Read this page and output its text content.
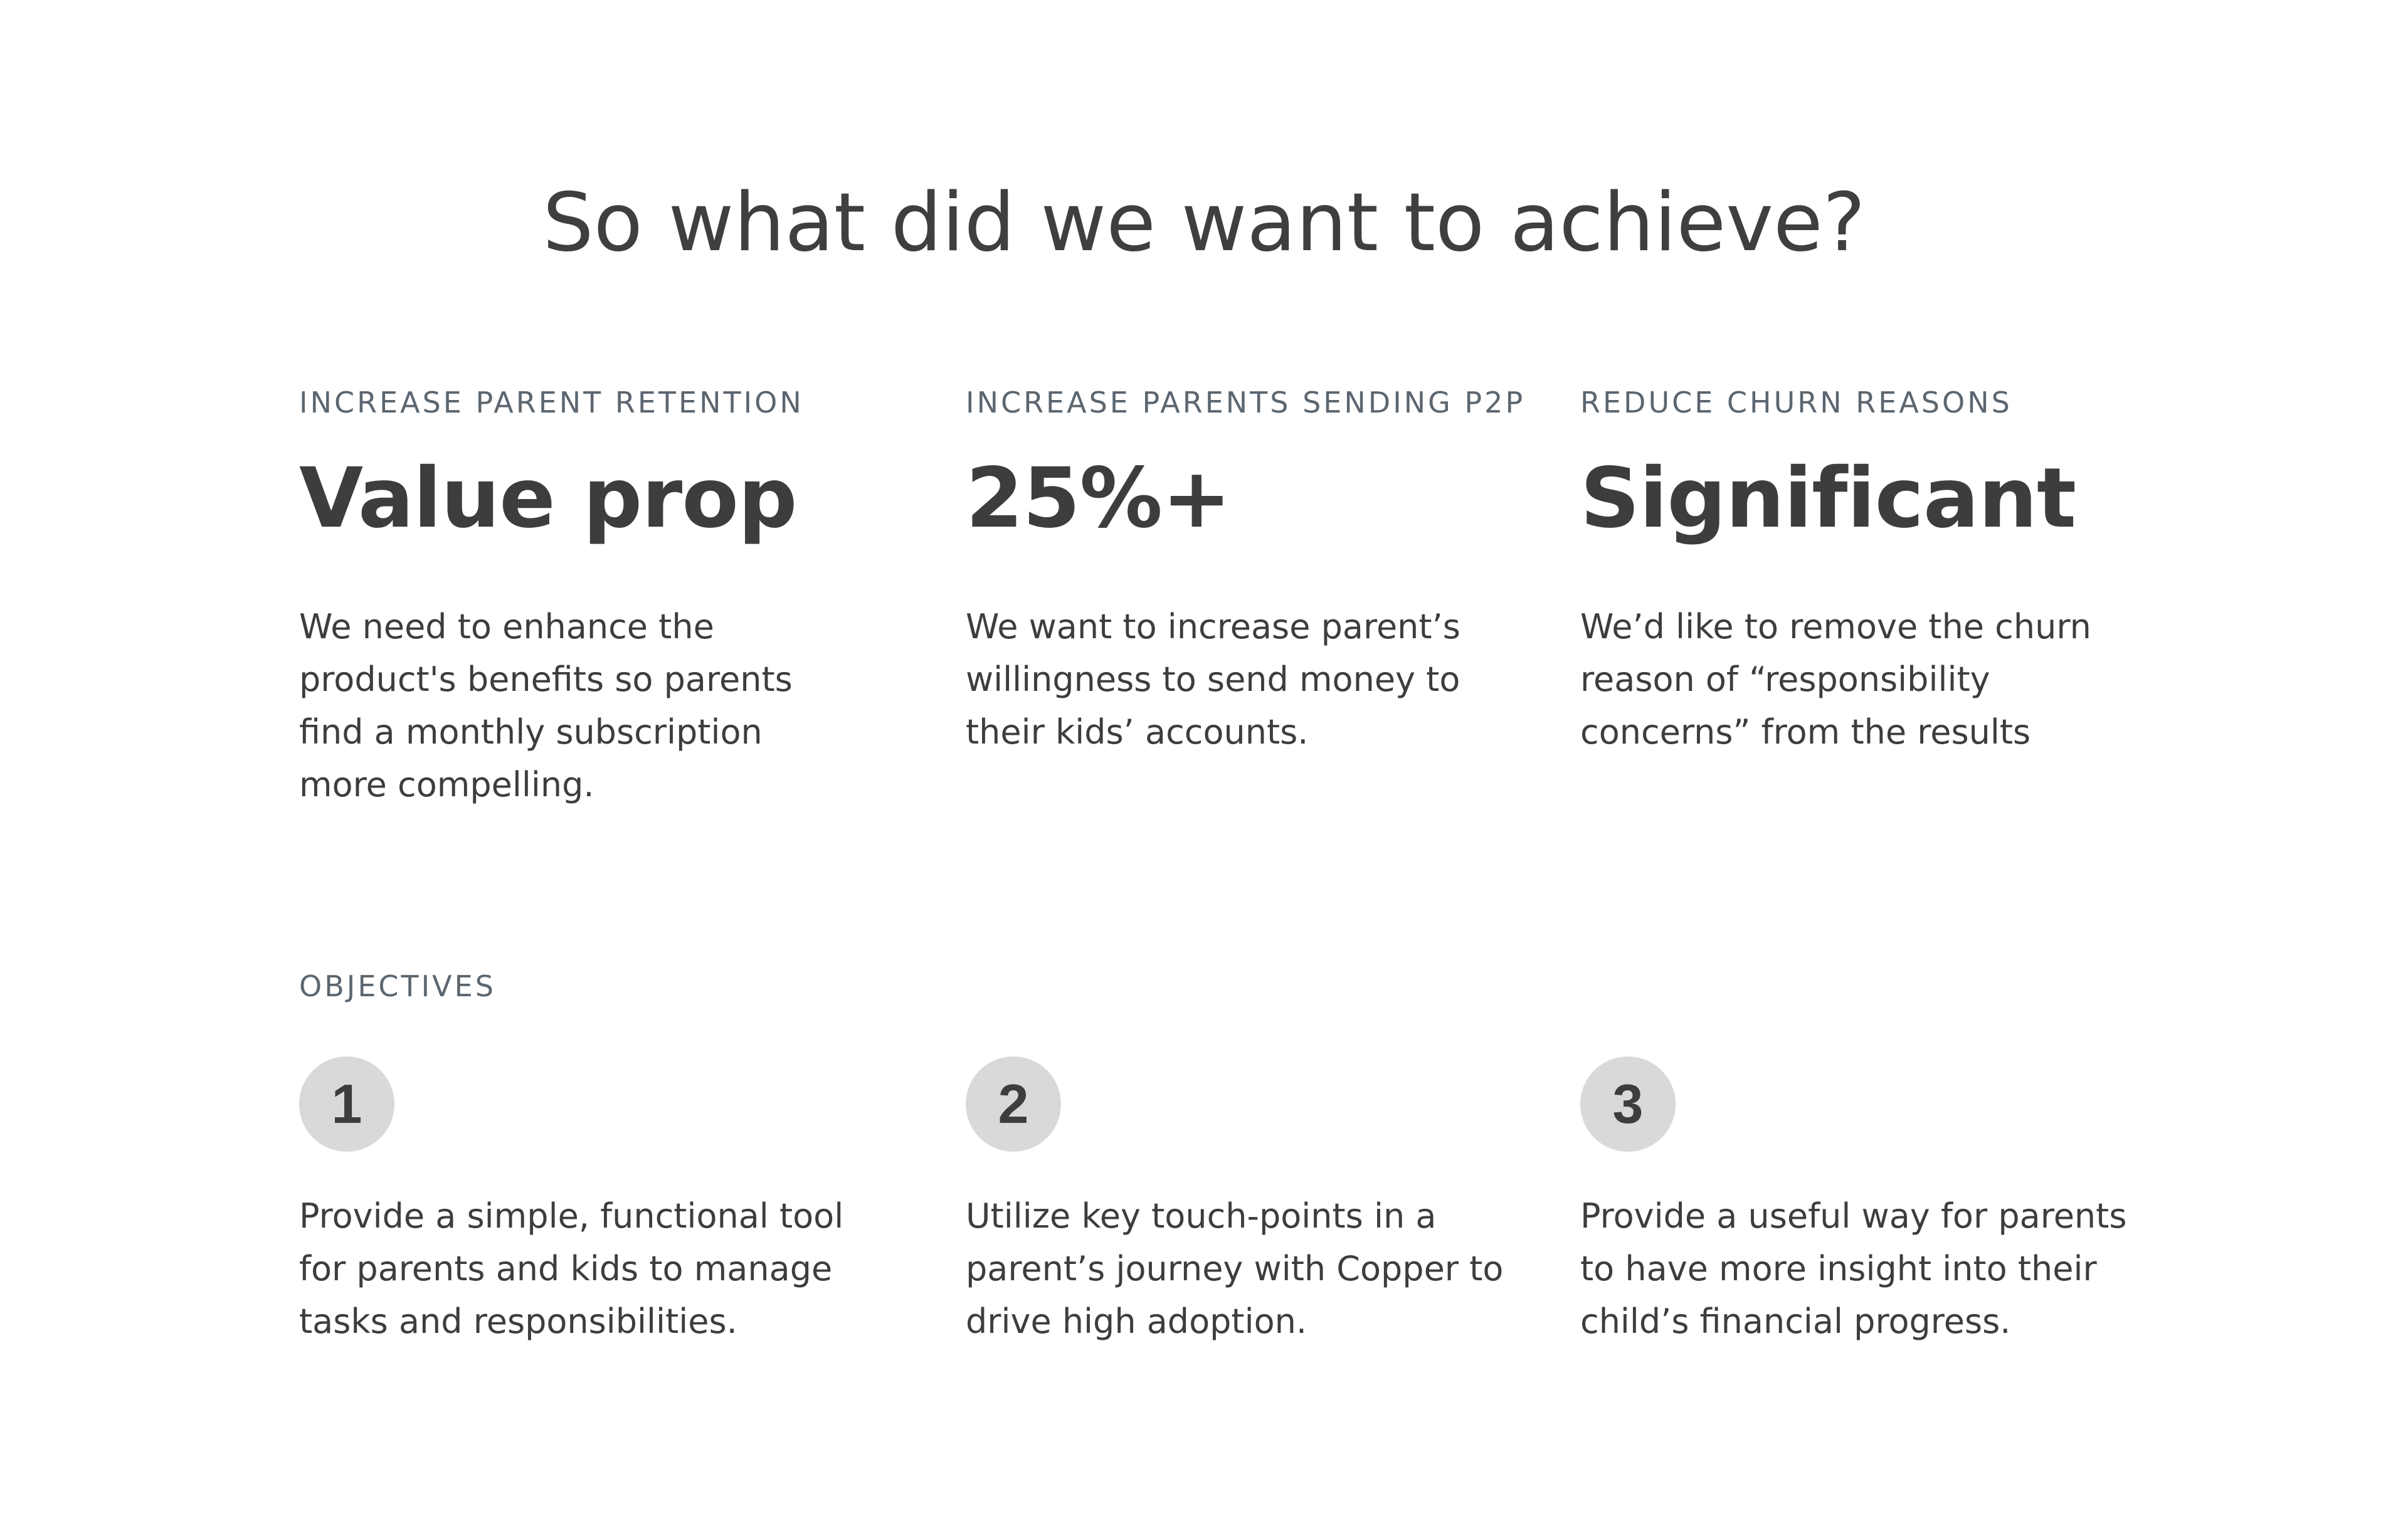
So what did we want to achieve?
INCREASE PARENT RETENTION
Value prop
We need to enhance the product's benefits so parents find a monthly subscription more compelling.
INCREASE PARENTS SENDING P2P
25%+
We want to increase parent’s willingness to send money to their kids’ accounts.
REDUCE CHURN REASONS
Significant
We’d like to remove the churn reason of “responsibility concerns” from the results
OBJECTIVES
1
Provide a simple, functional tool for parents and kids to manage tasks and responsibilities.
2
Utilize key touch-points in a parent’s journey with Copper to drive high adoption.
3
Provide a useful way for parents to have more insight into their child’s financial progress.
